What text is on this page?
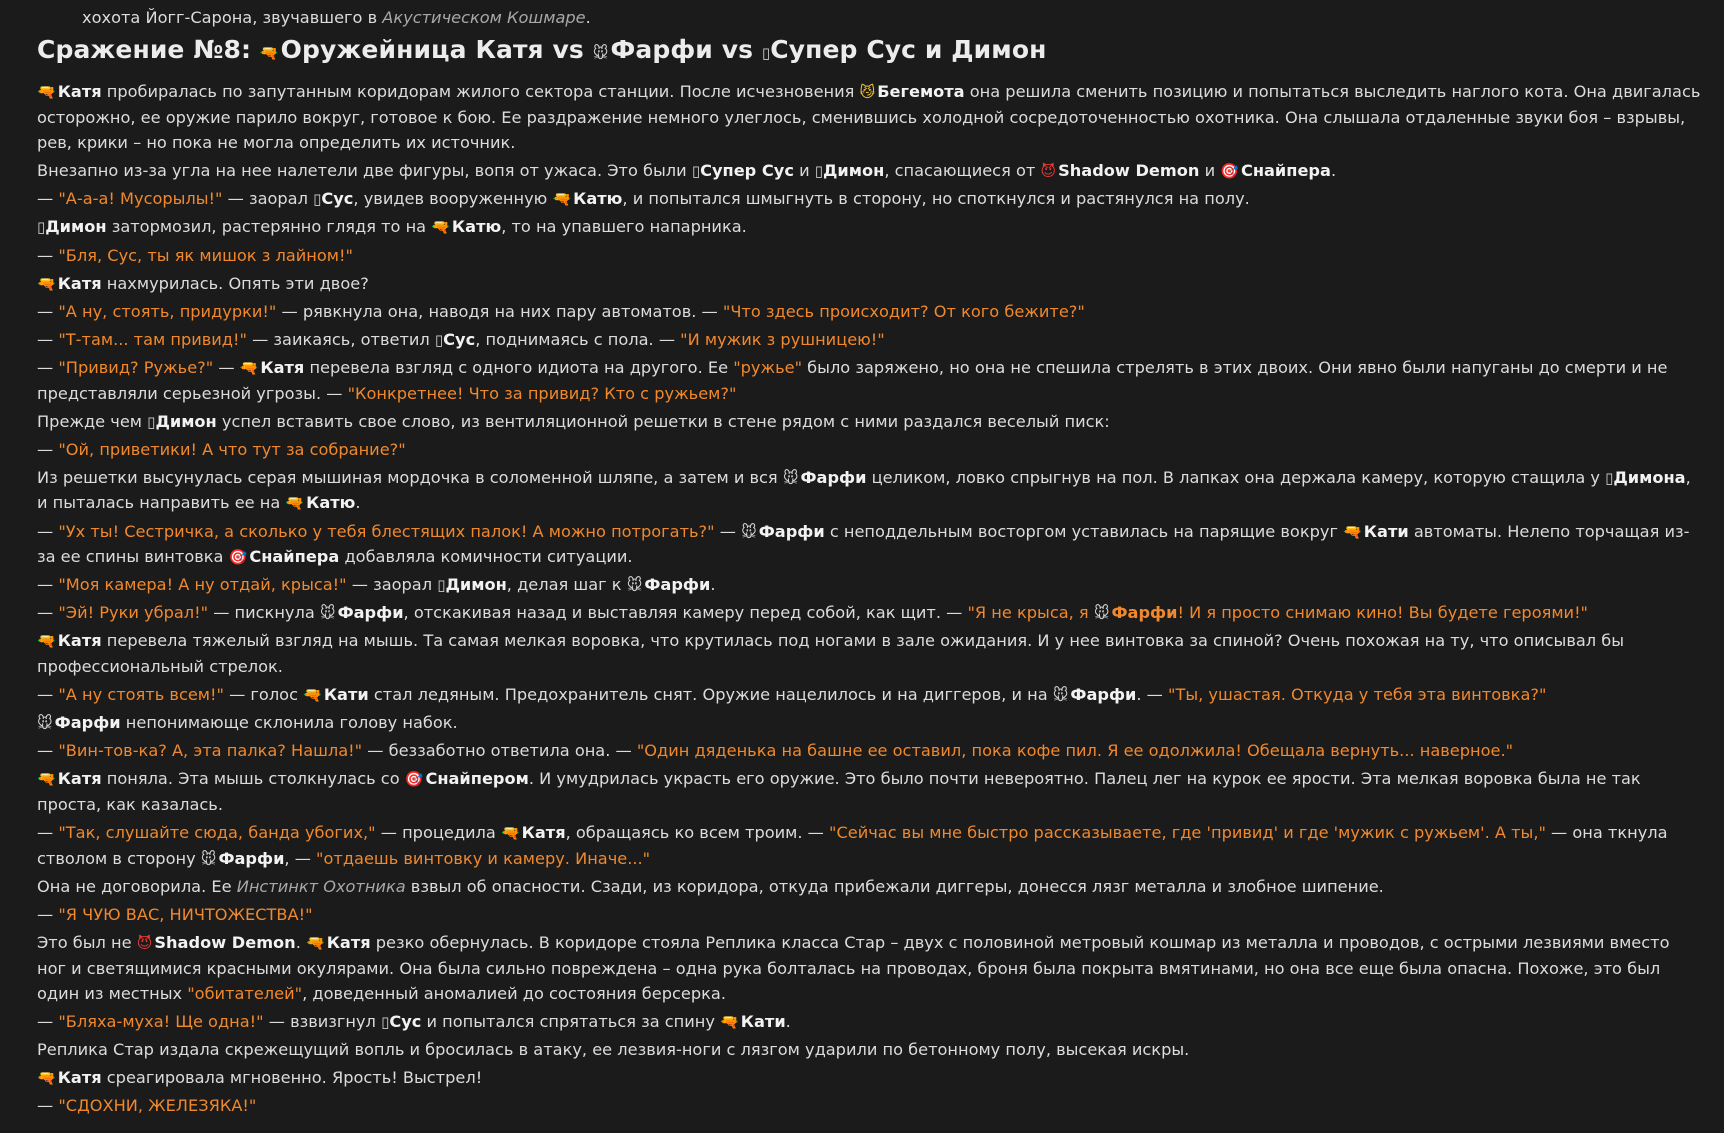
хохота Йогг-Сарона, звучавшего в Акустическом Кошмаре.

Сражение №8: 🔫Оружейница Катя vs 🐭Фарфи vs ▯Супер Сус и Димон

🔫 Катя пробиралась по запутанным коридорам жилого сектора станции. После исчезновения 😼 Бегемота она решила сменить позицию и попытаться выследить наглого кота. Она двигалась осторожно, ее оружие парило вокруг, готовое к бою. Ее раздражение немного улеглось, сменившись холодной сосредоточенностью охотника. Она слышала отдаленные звуки боя – взрывы, рев, крики – но пока не могла определить их источник.

Внезапно из-за угла на нее налетели две фигуры, вопя от ужаса. Это были ▯Супер Сус и ▯Димон, спасающиеся от 😈 Shadow Demon и 🎯 Снайпера.

— "А-а-а! Мусорылы!" — заорал ▯Сус, увидев вооруженную 🔫 Катю, и попытался шмыгнуть в сторону, но споткнулся и растянулся на полу.

▯Димон затормозил, растерянно глядя то на 🔫 Катю, то на упавшего напарника.

— "Бля, Сус, ты як мишок з лайном!"

🔫 Катя нахмурилась. Опять эти двое?

— "А ну, стоять, придурки!" — рявкнула она, наводя на них пару автоматов. — "Что здесь происходит? От кого бежите?"

— "Т-там... там привид!" — заикаясь, ответил ▯Сус, поднимаясь с пола. — "И мужик з рушницею!"

— "Привид? Ружье?" — 🔫 Катя перевела взгляд с одного идиота на другого. Ее "ружье" было заряжено, но она не спешила стрелять в этих двоих. Они явно были напуганы до смерти и не представляли серьезной угрозы. — "Конкретнее! Что за привид? Кто с ружьем?"

Прежде чем ▯Димон успел вставить свое слово, из вентиляционной решетки в стене рядом с ними раздался веселый писк:

— "Ой, приветики! А что тут за собрание?"

Из решетки высунулась серая мышиная мордочка в соломенной шляпе, а затем и вся 🐭 Фарфи целиком, ловко спрыгнув на пол. В лапках она держала камеру, которую стащила у ▯Димона, и пыталась направить ее на 🔫 Катю.

— "Ух ты! Сестричка, а сколько у тебя блестящих палок! А можно потрогать?" — 🐭 Фарфи с неподдельным восторгом уставилась на парящие вокруг 🔫 Кати автоматы. Нелепо торчащая из-за ее спины винтовка 🎯 Снайпера добавляла комичности ситуации.

— "Моя камера! А ну отдай, крыса!" — заорал ▯Димон, делая шаг к 🐭 Фарфи.

— "Эй! Руки убрал!" — пискнула 🐭 Фарфи, отскакивая назад и выставляя камеру перед собой, как щит. — "Я не крыса, я 🐭 Фарфи! И я просто снимаю кино! Вы будете героями!"

🔫 Катя перевела тяжелый взгляд на мышь. Та самая мелкая воровка, что крутилась под ногами в зале ожидания. И у нее винтовка за спиной? Очень похожая на ту, что описывал бы профессиональный стрелок.

— "А ну стоять всем!" — голос 🔫 Кати стал ледяным. Предохранитель снят. Оружие нацелилось и на диггеров, и на 🐭 Фарфи. — "Ты, ушастая. Откуда у тебя эта винтовка?"

🐭 Фарфи непонимающе склонила голову набок.

— "Вин-тов-ка? А, эта палка? Нашла!" — беззаботно ответила она. — "Один дяденька на башне ее оставил, пока кофе пил. Я ее одолжила! Обещала вернуть... наверное."

🔫 Катя поняла. Эта мышь столкнулась со 🎯 Снайпером. И умудрилась украсть его оружие. Это было почти невероятно. Палец лег на курок ее ярости. Эта мелкая воровка была не так проста, как казалась.

— "Так, слушайте сюда, банда убогих," — процедила 🔫 Катя, обращаясь ко всем троим. — "Сейчас вы мне быстро рассказываете, где 'привид' и где 'мужик с ружьем'. А ты," — она ткнула стволом в сторону 🐭 Фарфи, — "отдаешь винтовку и камеру. Иначе..."

Она не договорила. Ее Инстинкт Охотника взвыл об опасности. Сзади, из коридора, откуда прибежали диггеры, донесся лязг металла и злобное шипение.

— "Я ЧУЮ ВАС, НИЧТОЖЕСТВА!"

Это был не 😈 Shadow Demon. 🔫 Катя резко обернулась. В коридоре стояла Реплика класса Стар – двух с половиной метровый кошмар из металла и проводов, с острыми лезвиями вместо ног и светящимися красными окулярами. Она была сильно повреждена – одна рука болталась на проводах, броня была покрыта вмятинами, но она все еще была опасна. Похоже, это был один из местных "обитателей", доведенный аномалией до состояния берсерка.

— "Бляха-муха! Ще одна!" — взвизгнул ▯Сус и попытался спрятаться за спину 🔫 Кати.

Реплика Стар издала скрежещущий вопль и бросилась в атаку, ее лезвия-ноги с лязгом ударили по бетонному полу, высекая искры.

🔫 Катя среагировала мгновенно. Ярость! Выстрел!

— "СДОХНИ, ЖЕЛЕЗЯКА!"
